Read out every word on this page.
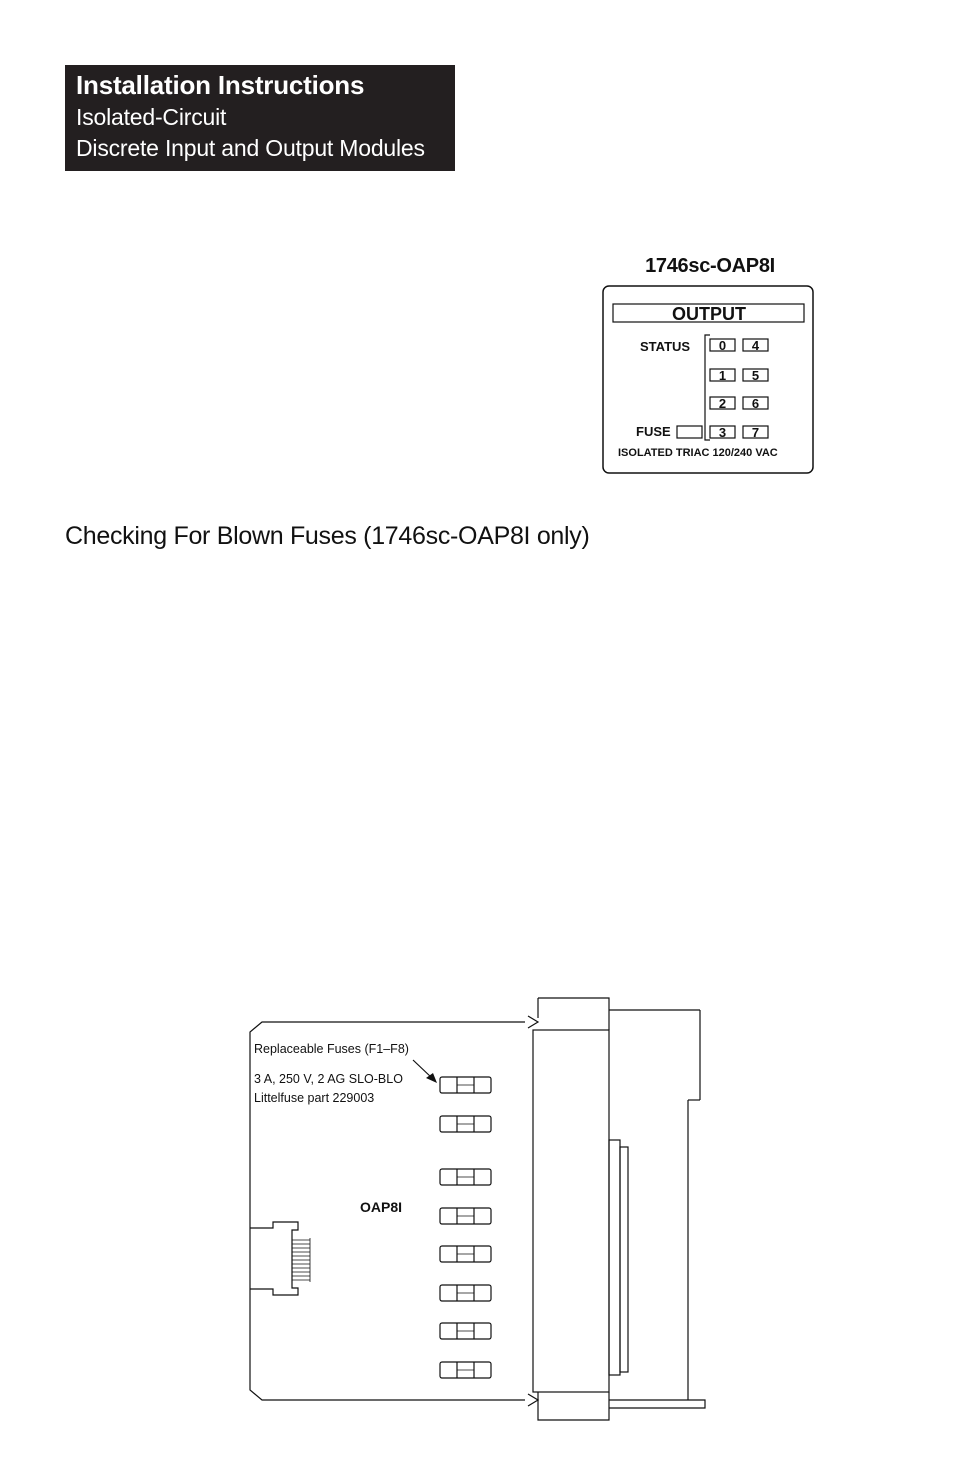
Installation Instructions
Isolated-Circuit
Discrete Input and Output Modules
1746sc-OAP8I
OUTPUT
STATUS
FUSE
0
1
2
3
4
5
6
7
ISOLATED TRIAC 120/240 VAC
Checking For Blown Fuses (1746sc-OAP8I only)
Replaceable Fuses (F1–F8)
3 A, 250 V, 2 AG SLO-BLO
Littelfuse part 229003
OAP8I
